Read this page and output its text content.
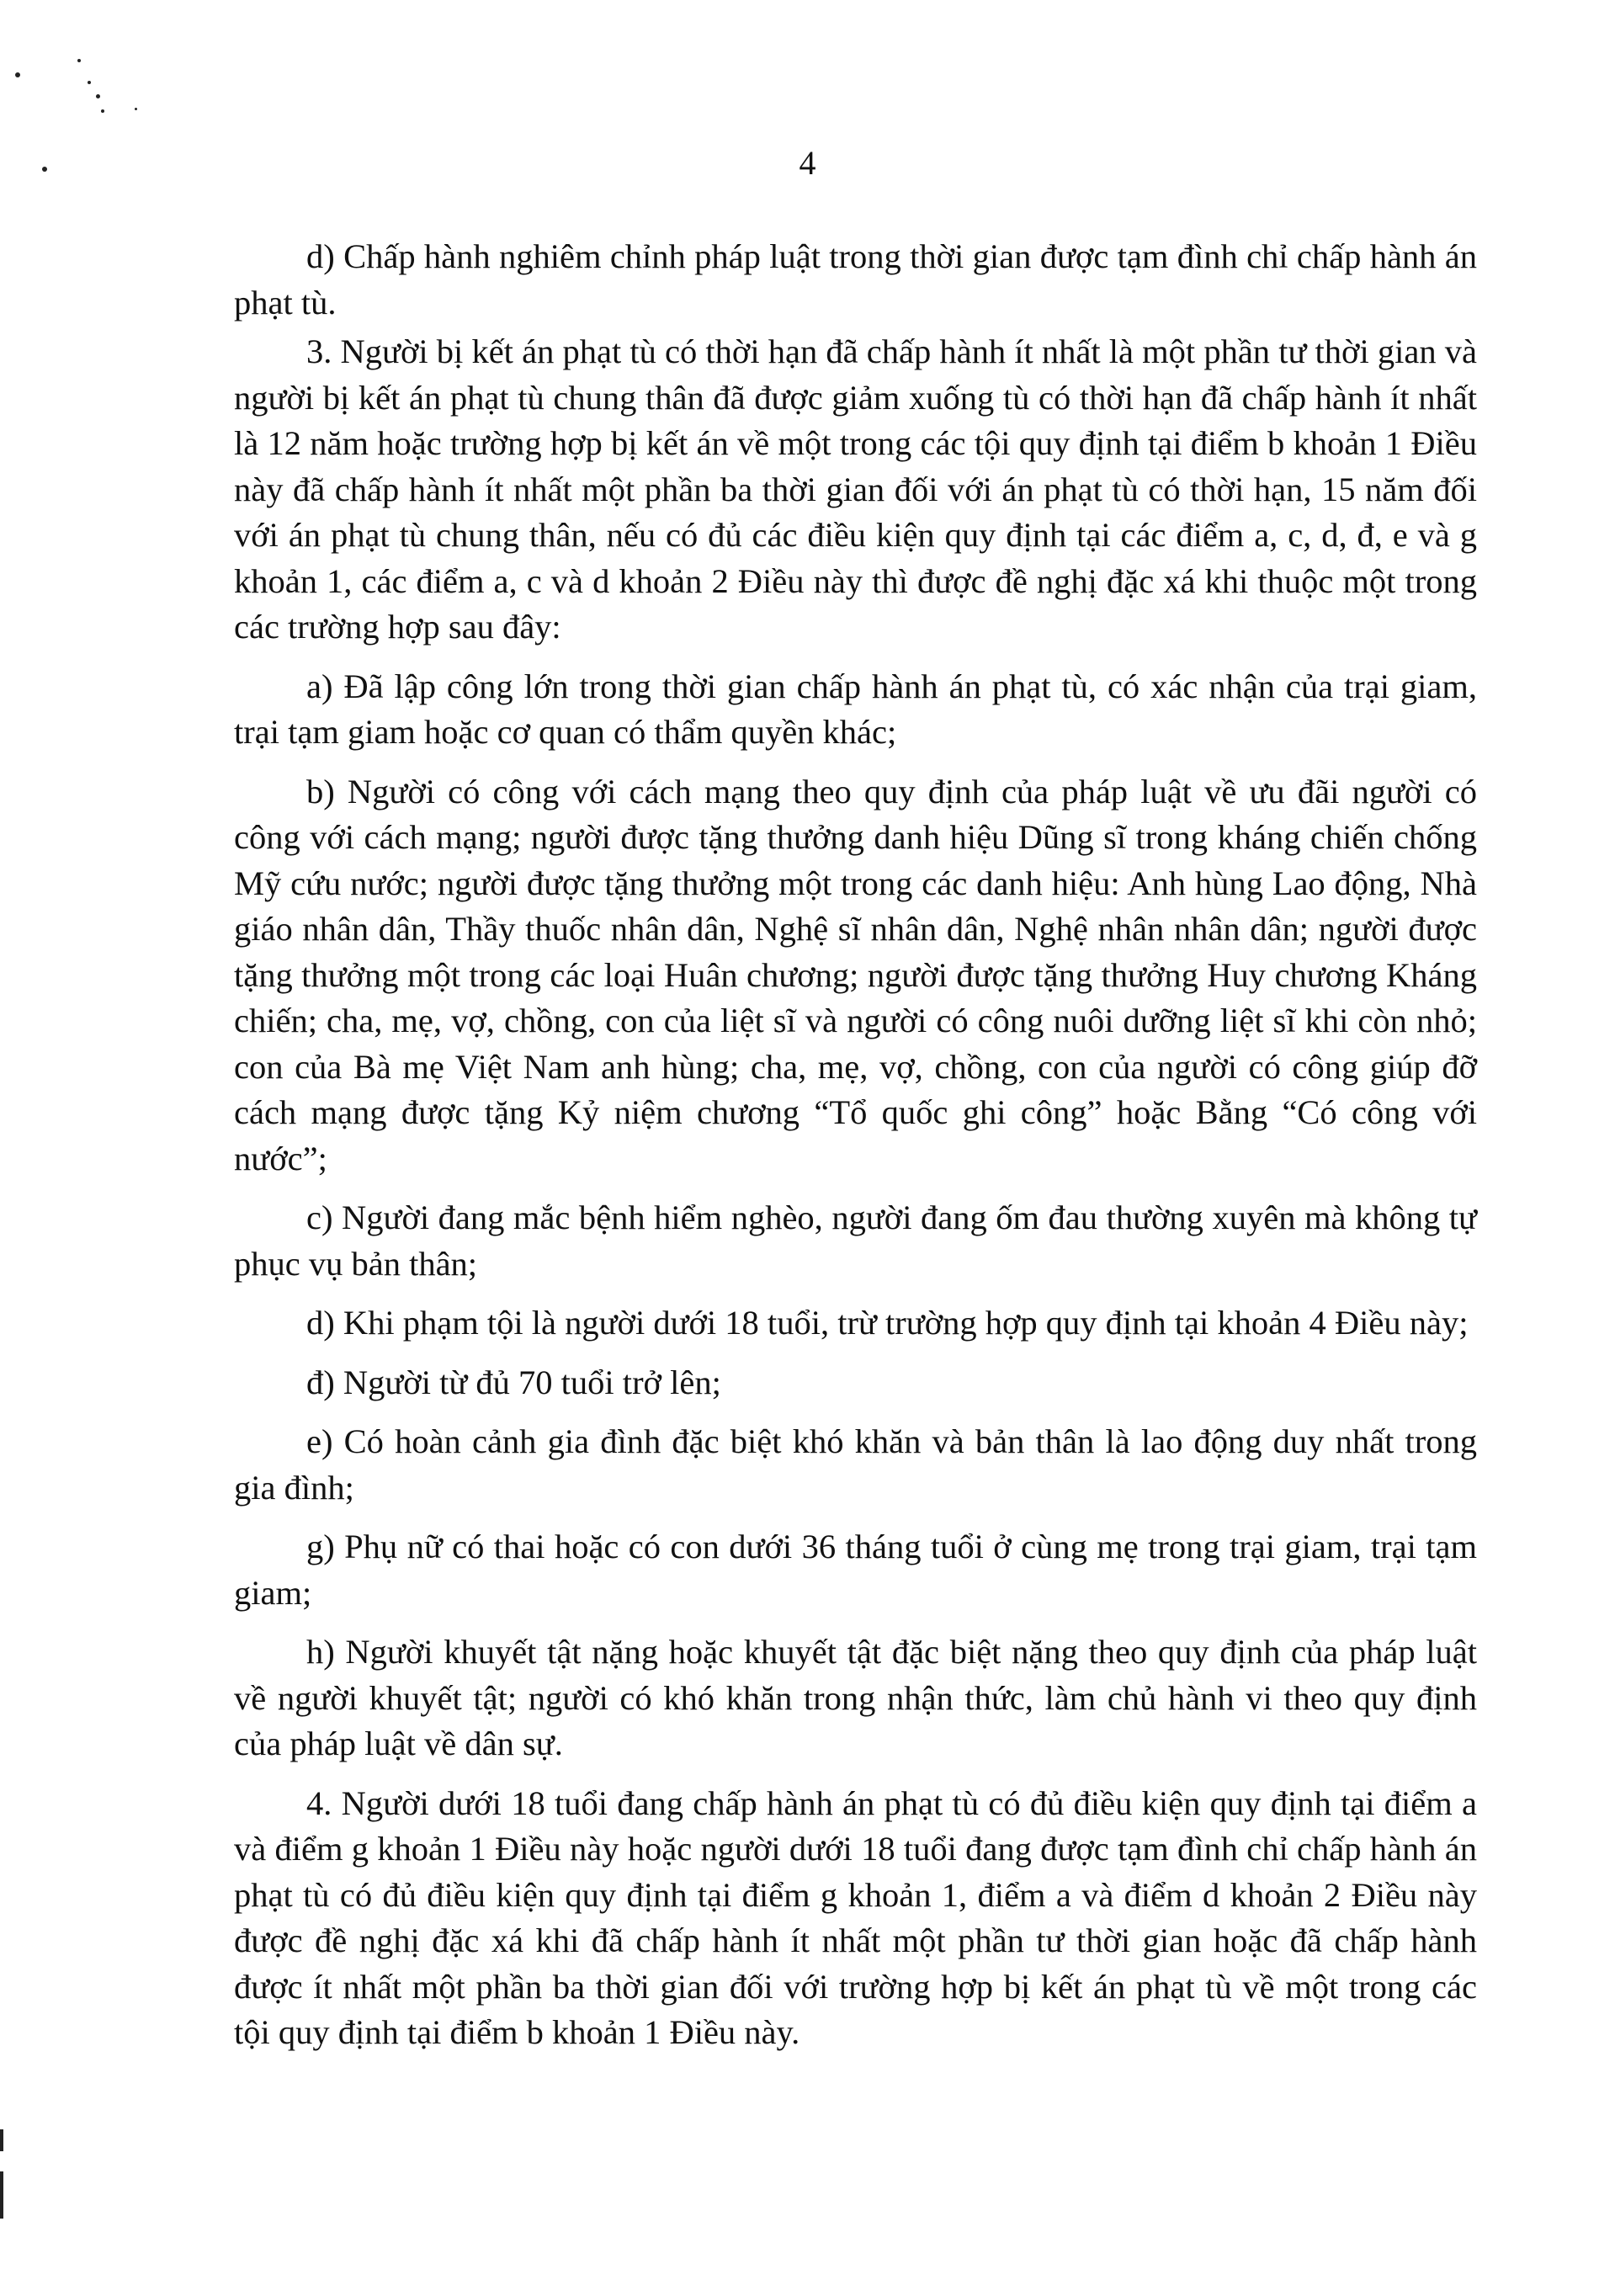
4

d) Chấp hành nghiêm chỉnh pháp luật trong thời gian được tạm đình chỉ chấp hành án phạt tù.

3. Người bị kết án phạt tù có thời hạn đã chấp hành ít nhất là một phần tư thời gian và người bị kết án phạt tù chung thân đã được giảm xuống tù có thời hạn đã chấp hành ít nhất là 12 năm hoặc trường hợp bị kết án về một trong các tội quy định tại điểm b khoản 1 Điều này đã chấp hành ít nhất một phần ba thời gian đối với án phạt tù có thời hạn, 15 năm đối với án phạt tù chung thân, nếu có đủ các điều kiện quy định tại các điểm a, c, d, đ, e và g khoản 1, các điểm a, c và d khoản 2 Điều này thì được đề nghị đặc xá khi thuộc một trong các trường hợp sau đây:

a) Đã lập công lớn trong thời gian chấp hành án phạt tù, có xác nhận của trại giam, trại tạm giam hoặc cơ quan có thẩm quyền khác;

b) Người có công với cách mạng theo quy định của pháp luật về ưu đãi người có công với cách mạng; người được tặng thưởng danh hiệu Dũng sĩ trong kháng chiến chống Mỹ cứu nước; người được tặng thưởng một trong các danh hiệu: Anh hùng Lao động, Nhà giáo nhân dân, Thầy thuốc nhân dân, Nghệ sĩ nhân dân, Nghệ nhân nhân dân; người được tặng thưởng một trong các loại Huân chương; người được tặng thưởng Huy chương Kháng chiến; cha, mẹ, vợ, chồng, con của liệt sĩ và người có công nuôi dưỡng liệt sĩ khi còn nhỏ; con của Bà mẹ Việt Nam anh hùng; cha, mẹ, vợ, chồng, con của người có công giúp đỡ cách mạng được tặng Kỷ niệm chương “Tổ quốc ghi công” hoặc Bằng “Có công với nước”;

c) Người đang mắc bệnh hiểm nghèo, người đang ốm đau thường xuyên mà không tự phục vụ bản thân;

d) Khi phạm tội là người dưới 18 tuổi, trừ trường hợp quy định tại khoản 4 Điều này;

đ) Người từ đủ 70 tuổi trở lên;

e) Có hoàn cảnh gia đình đặc biệt khó khăn và bản thân là lao động duy nhất trong gia đình;

g) Phụ nữ có thai hoặc có con dưới 36 tháng tuổi ở cùng mẹ trong trại giam, trại tạm giam;

h) Người khuyết tật nặng hoặc khuyết tật đặc biệt nặng theo quy định của pháp luật về người khuyết tật; người có khó khăn trong nhận thức, làm chủ hành vi theo quy định của pháp luật về dân sự.

4. Người dưới 18 tuổi đang chấp hành án phạt tù có đủ điều kiện quy định tại điểm a và điểm g khoản 1 Điều này hoặc người dưới 18 tuổi đang được tạm đình chỉ chấp hành án phạt tù có đủ điều kiện quy định tại điểm g khoản 1, điểm a và điểm d khoản 2 Điều này được đề nghị đặc xá khi đã chấp hành ít nhất một phần tư thời gian hoặc đã chấp hành được ít nhất một phần ba thời gian đối với trường hợp bị kết án phạt tù về một trong các tội quy định tại điểm b khoản 1 Điều này.
